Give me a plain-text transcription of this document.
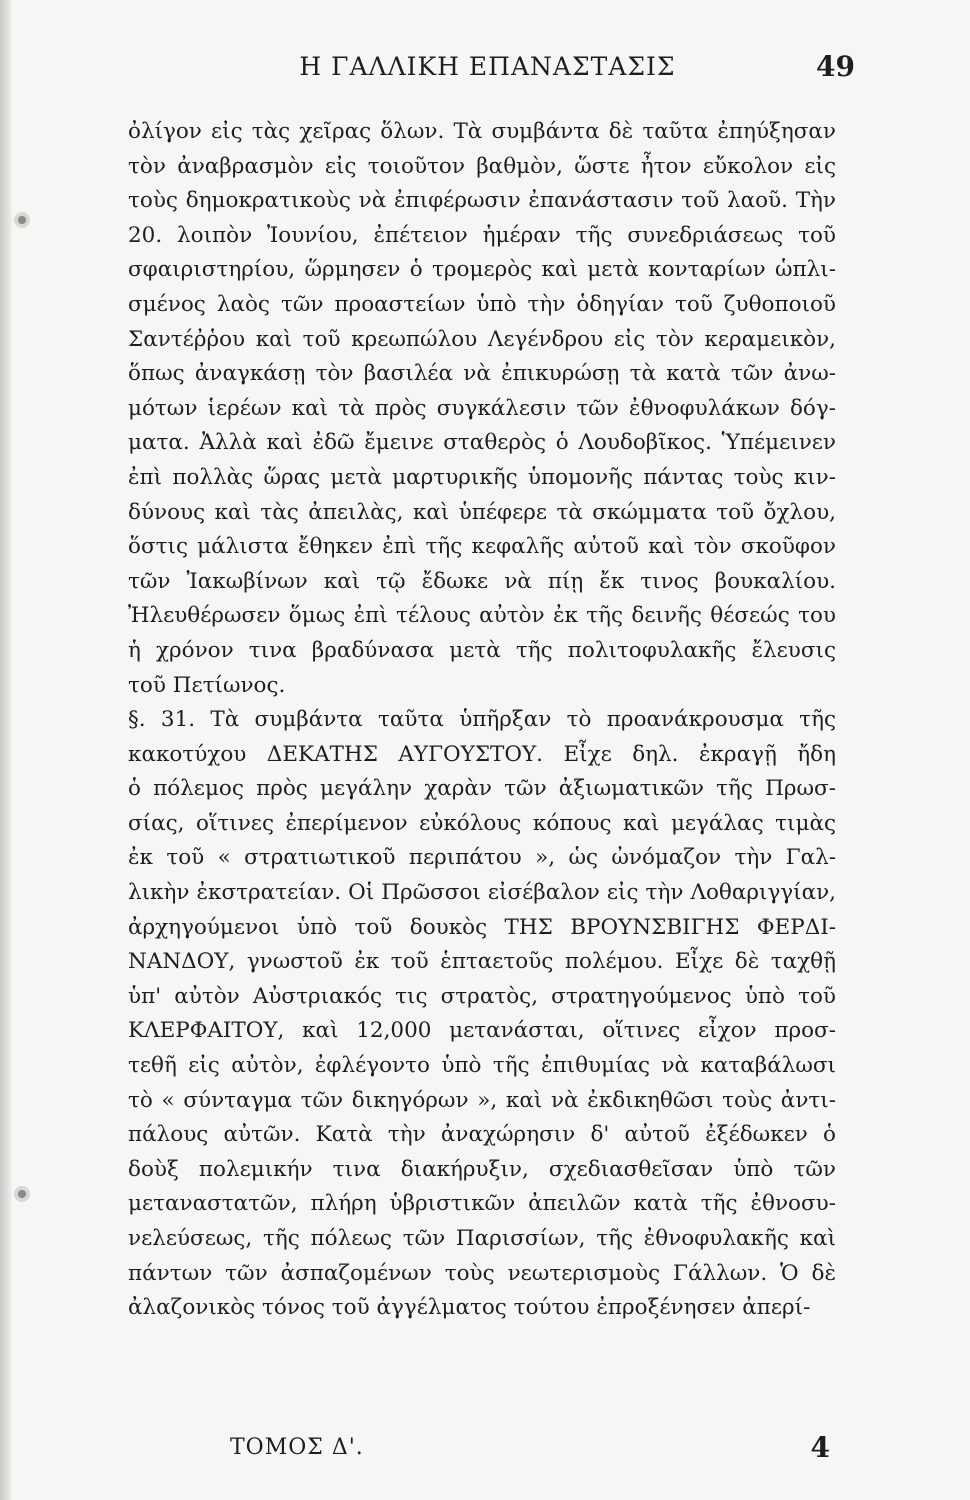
Η ΓΑΛΛΙΚΗ ΕΠΑΝΑΣΤΑΣΙΣ	49
ὀλίγον εἰς τὰς χεῖρας ὅλων. Τὰ συμβάντα δὲ ταῦτα ἐπηύξησαν
τὸν ἀναβρασμὸν εἰς τοιοῦτον βαθμὸν, ὥστε ἦτον εὔκολον εἰς
τοὺς δημοκρατικοὺς νὰ ἐπιφέρωσιν ἐπανάστασιν τοῦ λαοῦ. Τὴν
20. λοιπὸν Ἰουνίου, ἐπέτειον ἡμέραν τῆς συνεδριάσεως τοῦ
σφαιριστηρίου, ὥρμησεν ὁ τρομερὸς καὶ μετὰ κονταρίων ὡπλι-
σμένος λαὸς τῶν προαστείων ὑπὸ τὴν ὁδηγίαν τοῦ ζυθοποιοῦ
Σαντέῤῥου καὶ τοῦ κρεωπώλου Λεγένδρου εἰς τὸν κεραμεικὸν,
ὅπως ἀναγκάσῃ τὸν βασιλέα νὰ ἐπικυρώσῃ τὰ κατὰ τῶν ἀνω-
μότων ἱερέων καὶ τὰ πρὸς συγκάλεσιν τῶν ἐθνοφυλάκων δόγ-
ματα. Ἀλλὰ καὶ ἐδῶ ἔμεινε σταθερὸς ὁ Λουδοβῖκος. Ὑπέμεινεν
ἐπὶ πολλὰς ὥρας μετὰ μαρτυρικῆς ὑπομονῆς πάντας τοὺς κιν-
δύνους καὶ τὰς ἀπειλὰς, καὶ ὑπέφερε τὰ σκώμματα τοῦ ὄχλου,
ὅστις μάλιστα ἔθηκεν ἐπὶ τῆς κεφαλῆς αὐτοῦ καὶ τὸν σκοῦφον
τῶν Ἰακωβίνων καὶ τῷ ἔδωκε νὰ πίῃ ἔκ τινος βουκαλίου.
Ἠλευθέρωσεν ὅμως ἐπὶ τέλους αὐτὸν ἐκ τῆς δεινῆς θέσεώς του
ἡ χρόνον τινα βραδύνασα μετὰ τῆς πολιτοφυλακῆς ἔλευσις
τοῦ Πετίωνος.
§. 31. Τὰ συμβάντα ταῦτα ὑπῆρξαν τὸ προανάκρουσμα τῆς
κακοτύχου ΔΕΚΑΤΗΣ ΑΥΓΟΥΣΤΟΥ. Εἶχε δηλ. ἐκραγῇ ἤδη
ὁ πόλεμος πρὸς μεγάλην χαρὰν τῶν ἀξιωματικῶν τῆς Πρωσ-
σίας, οἵτινες ἐπερίμενον εὐκόλους κόπους καὶ μεγάλας τιμὰς
ἐκ τοῦ « στρατιωτικοῦ περιπάτου », ὡς ὠνόμαζον τὴν Γαλ-
λικὴν ἐκστρατείαν. Οἱ Πρῶσσοι εἰσέβαλον εἰς τὴν Λοθαριγγίαν,
ἀρχηγούμενοι ὑπὸ τοῦ δουκὸς ΤΗΣ ΒΡΟΥΝΣΒΙΓΗΣ ΦΕΡΔΙ-
ΝΑΝΔΟΥ, γνωστοῦ ἐκ τοῦ ἑπταετοῦς πολέμου. Εἶχε δὲ ταχθῇ
ὑπ' αὐτὸν Αὐστριακός τις στρατὸς, στρατηγούμενος ὑπὸ τοῦ
ΚΛΕΡΦΑΙΤΟΥ, καὶ 12,000 μετανάσται, οἵτινες εἶχον προσ-
τεθῆ εἰς αὐτὸν, ἐφλέγοντο ὑπὸ τῆς ἐπιθυμίας νὰ καταβάλωσι
τὸ « σύνταγμα τῶν δικηγόρων », καὶ νὰ ἐκδικηθῶσι τοὺς ἀντι-
πάλους αὐτῶν. Κατὰ τὴν ἀναχώρησιν δ' αὐτοῦ ἐξέδωκεν ὁ
δοὺξ πολεμικήν τινα διακήρυξιν, σχεδιασθεῖσαν ὑπὸ τῶν
μεταναστατῶν, πλήρη ὑβριστικῶν ἀπειλῶν κατὰ τῆς ἐθνοσυ-
νελεύσεως, τῆς πόλεως τῶν Παρισσίων, τῆς ἐθνοφυλακῆς καὶ
πάντων τῶν ἀσπαζομένων τοὺς νεωτερισμοὺς Γάλλων. Ὁ δὲ
ἀλαζονικὸς τόνος τοῦ ἀγγέλματος τούτου ἐπροξένησεν ἀπερί-
ΤΟΜΟΣ Δ'.	4
